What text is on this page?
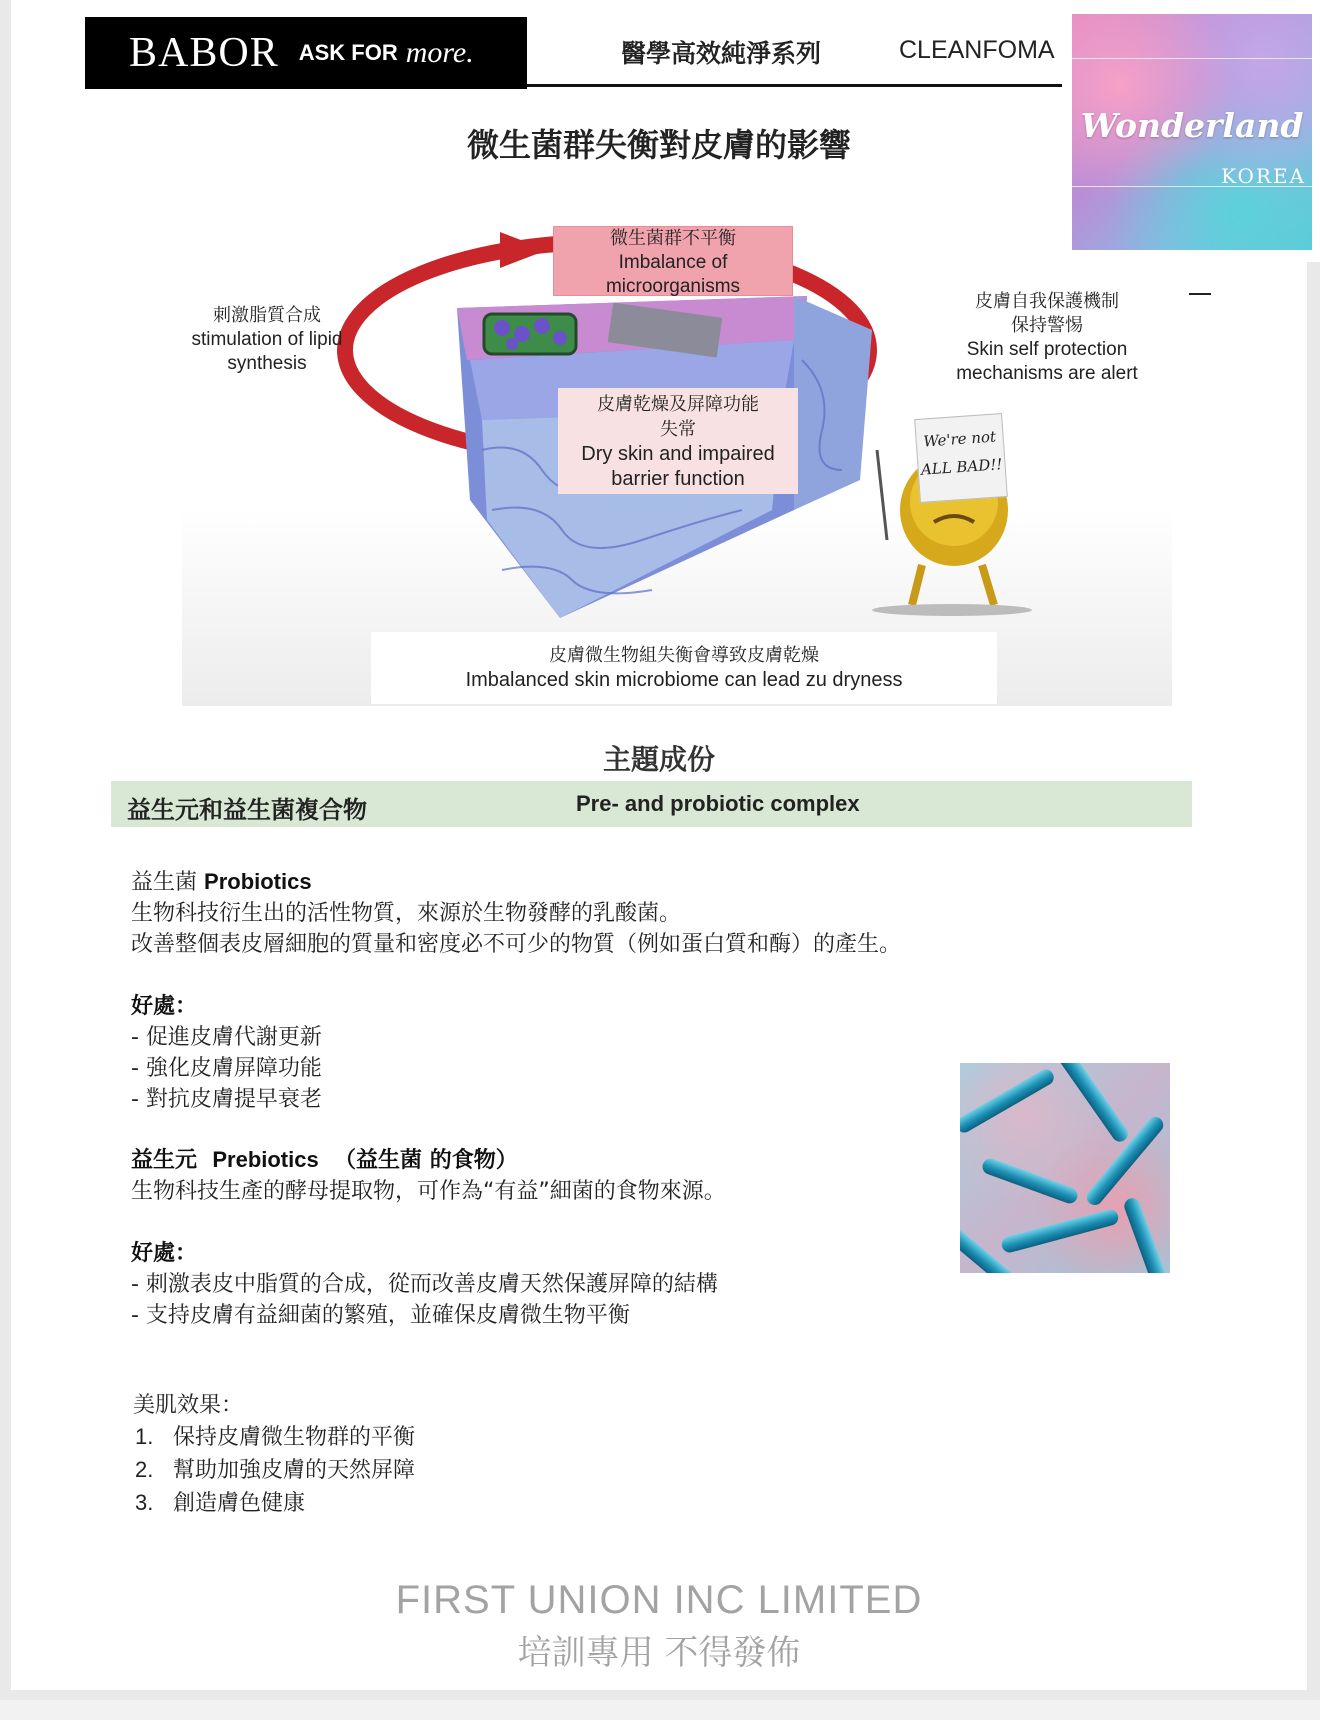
BABOR ASK FOR more.	醫學高效純淨系列	CLEANFOMA
微生菌群失衡對皮膚的影響
微生菌群不平衡
Imbalance of
microorganisms
刺激脂質合成
stimulation of lipid
synthesis
皮膚自我保護機制
保持警惕
Skin self protection
mechanisms are alert
皮膚乾燥及屏障功能
失常
Dry skin and impaired
barrier function
We're not
ALL BAD!!
皮膚微生物組失衡會導致皮膚乾燥
Imbalanced skin microbiome can lead zu dryness
主題成份
益生元和益生菌複合物	Pre- and probiotic complex
益生菌 Probiotics
生物科技衍生出的活性物質，來源於生物發酵的乳酸菌。
改善整個表皮層細胞的質量和密度必不可少的物質（例如蛋白質和酶）的產生。
好處：
- 促進皮膚代謝更新
- 強化皮膚屏障功能
- 對抗皮膚提早衰老
益生元 Prebiotics （益生菌 的食物）
生物科技生產的酵母提取物，可作為“有益”細菌的食物來源。
好處：
- 刺激表皮中脂質的合成，從而改善皮膚天然保護屏障的結構
- 支持皮膚有益細菌的繁殖，並確保皮膚微生物平衡
美肌效果：
1. 保持皮膚微生物群的平衡
2. 幫助加強皮膚的天然屏障
3. 創造膚色健康
FIRST UNION INC LIMITED
培訓專用 不得發佈
Wonderland
KOREA
